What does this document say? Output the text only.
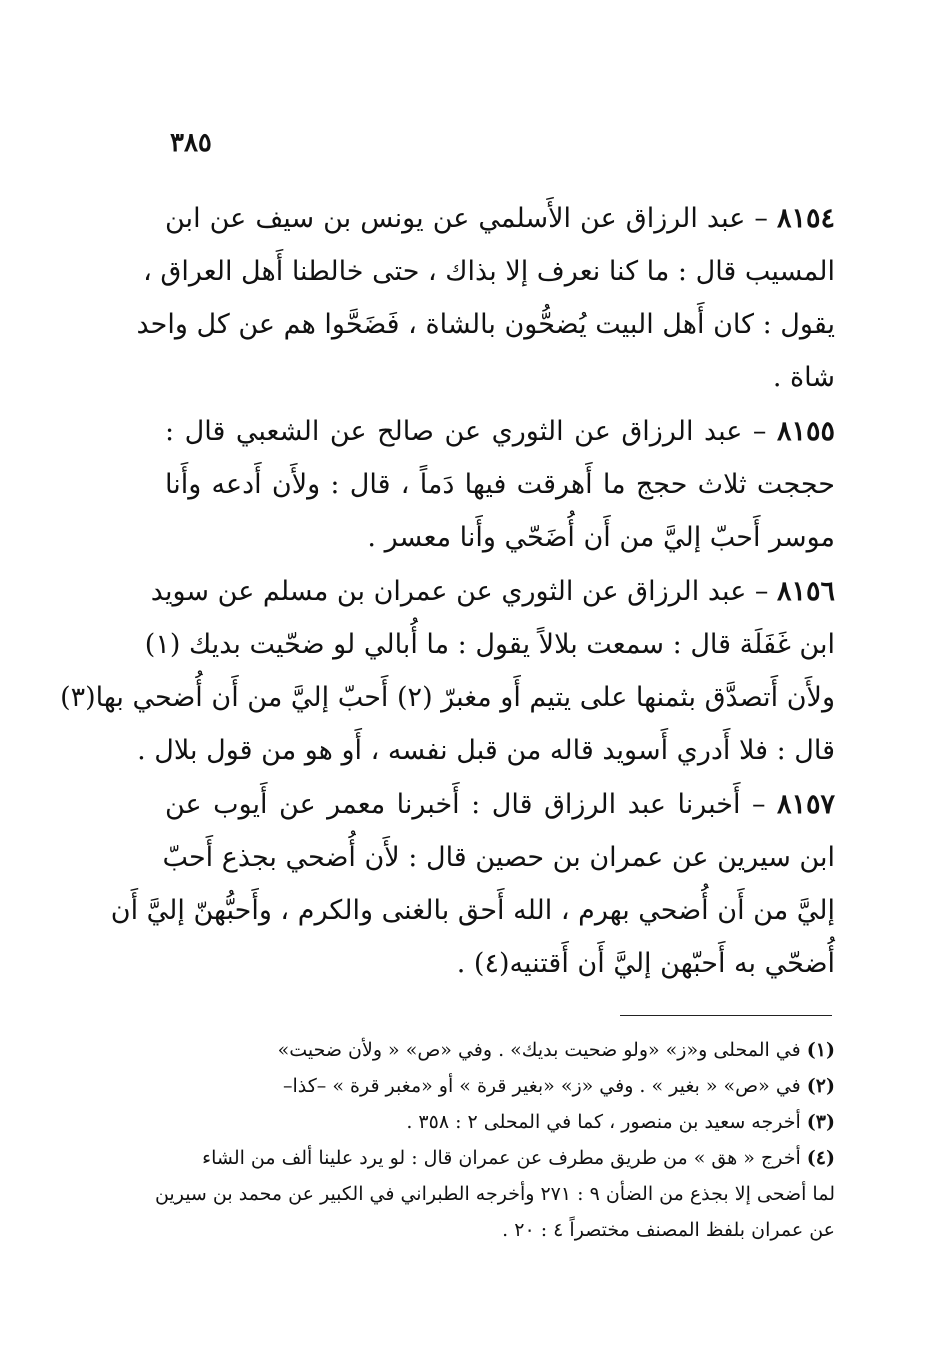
٣٨٥
٨١٥٤ – عبد الرزاق عن الأَسلمي عن يونس بن سيف عن ابن
المسيب قال : ما كنا نعرف إلا بذاك ، حتى خالطنا أَهل العراق ،
يقول : كان أَهل البيت يُضحُّون بالشاة ، فَضَحَّوا هم عن كل واحد
شاة .
٨١٥٥ – عبد الرزاق عن الثوري عن صالح عن الشعبي قال :
حججت ثلاث حجج ما أَهرقت فيها دَماً ، قال : ولأَن أَدعه وأَنا
موسر أَحبّ إليَّ من أَن أُضَحّي وأَنا معسر .
٨١٥٦ – عبد الرزاق عن الثوري عن عمران بن مسلم عن سويد
ابن غَفَلَة قال : سمعت بلالاً يقول : ما أُبالي لو ضحّيت بديك (١)
ولأَن أَتصدَّق بثمنها على يتيم أَو مغبرّ (٢) أَحبّ إليَّ من أَن أُضحي بها(٣)
قال : فلا أَدري أَسويد قاله من قبل نفسه ، أَو هو من قول بلال .
٨١٥٧ – أَخبرنا عبد الرزاق قال : أَخبرنا معمر عن أَيوب عن
ابن سيرين عن عمران بن حصين قال : لأَن أُضحي بجذع أَحبّ
إليَّ من أَن أُضحي بهرم ، الله أَحق بالغنى والكرم ، وأَحبُّهنّ إليَّ أَن
أُضحّي به أَحبّهن إليَّ أَن أَقتنيه(٤) .
(١) في المحلى و«ز» «ولو ضحيت بديك» . وفي «ص» « ولأن ضحيت»
(٢) في «ص» « بغير » . وفي «ز» «بغير قرة » أو «مغبر قرة » –كذا–
(٣) أخرجه سعيد بن منصور ، كما في المحلى ٢ : ٣٥٨ .
(٤) أخرج « هق » من طريق مطرف عن عمران قال : لو يرد علينا ألف من الشاء
لما أضحى إلا بجذع من الضأن ٩ : ٢٧١ وأخرجه الطبراني في الكبير عن محمد بن سيرين
عن عمران بلفظ المصنف مختصراً ٤ : ٢٠ .
